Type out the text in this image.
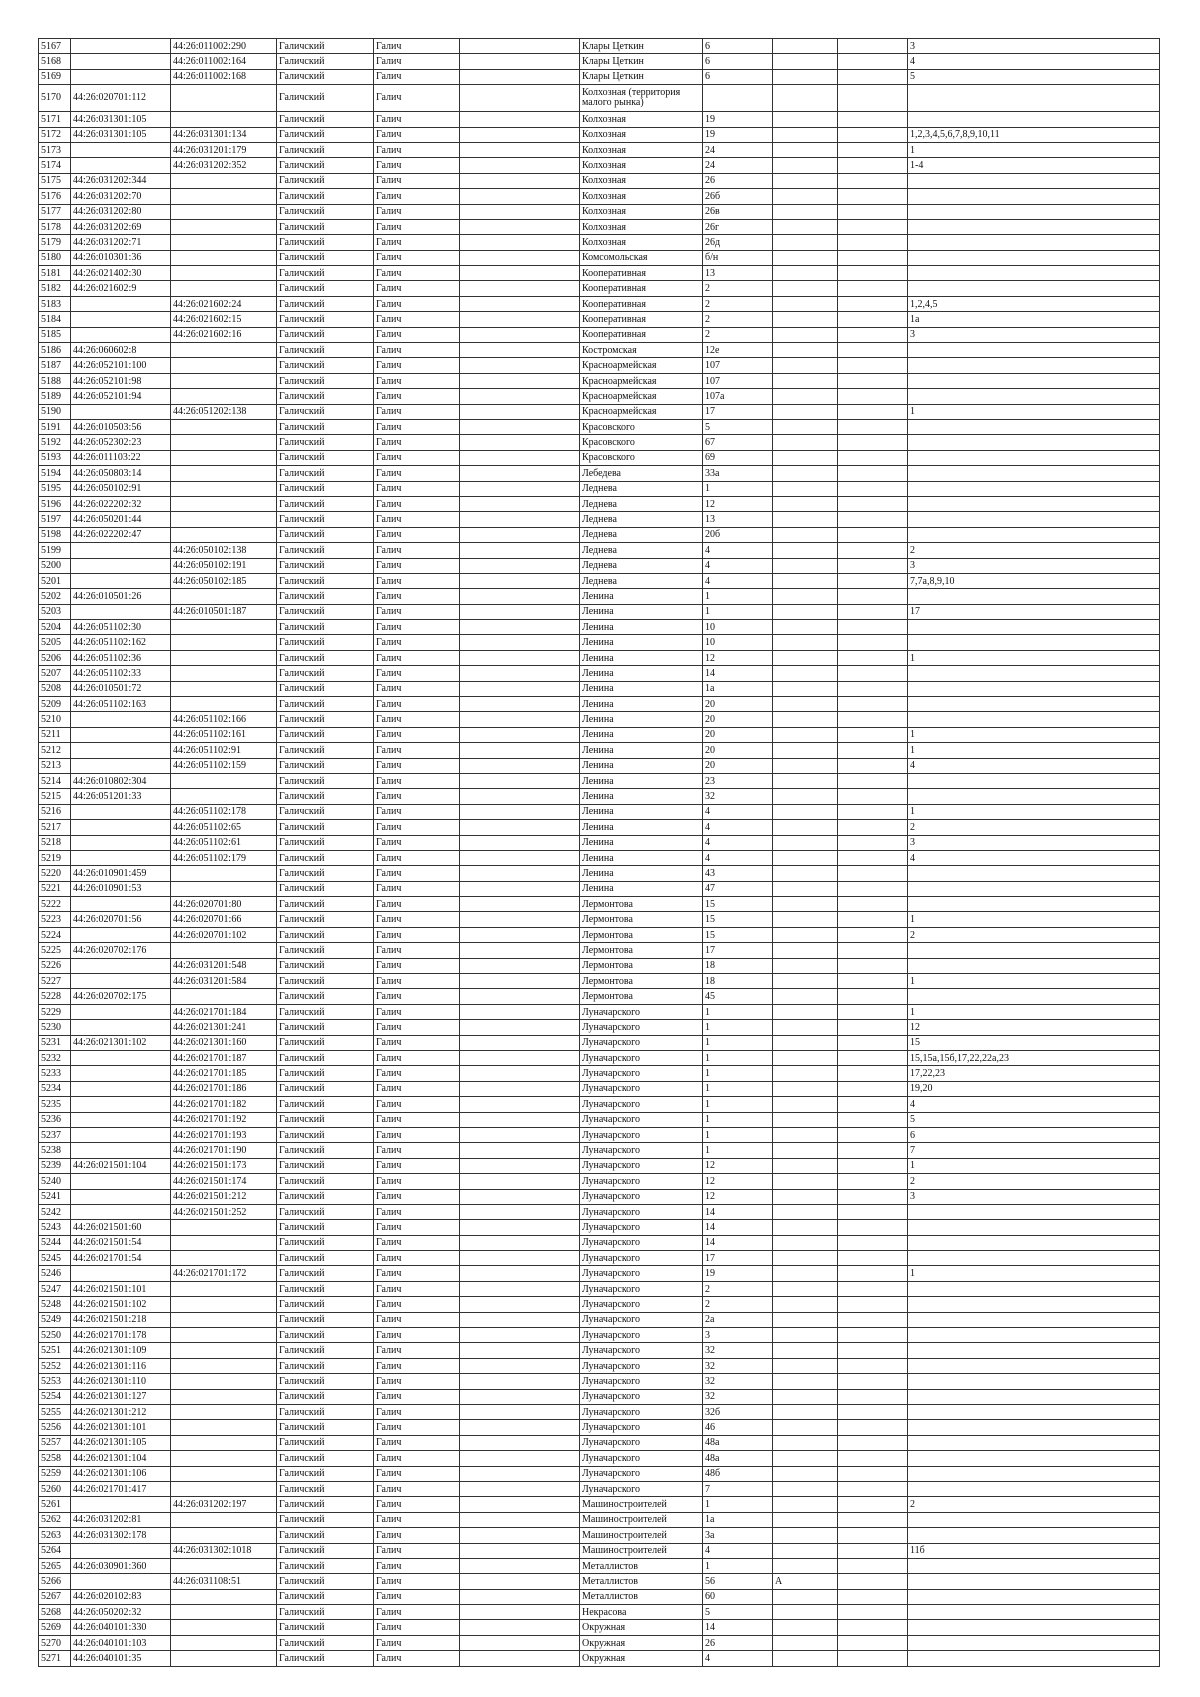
5167		44:26:011002:290	Галичский	Галич		Клары Цеткин	6			3
5168		44:26:011002:164	Галичский	Галич		Клары Цеткин	6			4
5169		44:26:011002:168	Галичский	Галич		Клары Цеткин	6			5
5170	44:26:020701:112		Галичский	Галич		Колхозная (территория малого рынка)				
5171	44:26:031301:105		Галичский	Галич		Колхозная	19			
5172	44:26:031301:105	44:26:031301:134	Галичский	Галич		Колхозная	19			1,2,3,4,5,6,7,8,9,10,11
5173		44:26:031201:179	Галичский	Галич		Колхозная	24			1
5174		44:26:031202:352	Галичский	Галич		Колхозная	24			1-4
5175	44:26:031202:344		Галичский	Галич		Колхозная	26			
5176	44:26:031202:70		Галичский	Галич		Колхозная	26б			
5177	44:26:031202:80		Галичский	Галич		Колхозная	26в			
5178	44:26:031202:69		Галичский	Галич		Колхозная	26г			
5179	44:26:031202:71		Галичский	Галич		Колхозная	26д			
5180	44:26:010301:36		Галичский	Галич		Комсомольская	б/н			
5181	44:26:021402:30		Галичский	Галич		Кооперативная	13			
5182	44:26:021602:9		Галичский	Галич		Кооперативная	2			
5183		44:26:021602:24	Галичский	Галич		Кооперативная	2			1,2,4,5
5184		44:26:021602:15	Галичский	Галич		Кооперативная	2			1а
5185		44:26:021602:16	Галичский	Галич		Кооперативная	2			3
5186	44:26:060602:8		Галичский	Галич		Костромская	12е			
5187	44:26:052101:100		Галичский	Галич		Красноармейская	107			
5188	44:26:052101:98		Галичский	Галич		Красноармейская	107			
5189	44:26:052101:94		Галичский	Галич		Красноармейская	107а			
5190		44:26:051202:138	Галичский	Галич		Красноармейская	17			1
5191	44:26:010503:56		Галичский	Галич		Красовского	5			
5192	44:26:052302:23		Галичский	Галич		Красовского	67			
5193	44:26:011103:22		Галичский	Галич		Красовского	69			
5194	44:26:050803:14		Галичский	Галич		Лебедева	33а			
5195	44:26:050102:91		Галичский	Галич		Леднева	1			
5196	44:26:022202:32		Галичский	Галич		Леднева	12			
5197	44:26:050201:44		Галичский	Галич		Леднева	13			
5198	44:26:022202:47		Галичский	Галич		Леднева	20б			
5199		44:26:050102:138	Галичский	Галич		Леднева	4			2
5200		44:26:050102:191	Галичский	Галич		Леднева	4			3
5201		44:26:050102:185	Галичский	Галич		Леднева	4			7,7а,8,9,10
5202	44:26:010501:26		Галичский	Галич		Ленина	1			
5203		44:26:010501:187	Галичский	Галич		Ленина	1			17
5204	44:26:051102:30		Галичский	Галич		Ленина	10			
5205	44:26:051102:162		Галичский	Галич		Ленина	10			
5206	44:26:051102:36		Галичский	Галич		Ленина	12			1
5207	44:26:051102:33		Галичский	Галич		Ленина	14			
5208	44:26:010501:72		Галичский	Галич		Ленина	1а			
5209	44:26:051102:163		Галичский	Галич		Ленина	20			
5210		44:26:051102:166	Галичский	Галич		Ленина	20			
5211		44:26:051102:161	Галичский	Галич		Ленина	20			1
5212		44:26:051102:91	Галичский	Галич		Ленина	20			1
5213		44:26:051102:159	Галичский	Галич		Ленина	20			4
5214	44:26:010802:304		Галичский	Галич		Ленина	23			
5215	44:26:051201:33		Галичский	Галич		Ленина	32			
5216		44:26:051102:178	Галичский	Галич		Ленина	4			1
5217		44:26:051102:65	Галичский	Галич		Ленина	4			2
5218		44:26:051102:61	Галичский	Галич		Ленина	4			3
5219		44:26:051102:179	Галичский	Галич		Ленина	4			4
5220	44:26:010901:459		Галичский	Галич		Ленина	43			
5221	44:26:010901:53		Галичский	Галич		Ленина	47			
5222		44:26:020701:80	Галичский	Галич		Лермонтова	15			
5223	44:26:020701:56	44:26:020701:66	Галичский	Галич		Лермонтова	15			1
5224		44:26:020701:102	Галичский	Галич		Лермонтова	15			2
5225	44:26:020702:176		Галичский	Галич		Лермонтова	17			
5226		44:26:031201:548	Галичский	Галич		Лермонтова	18			
5227		44:26:031201:584	Галичский	Галич		Лермонтова	18			1
5228	44:26:020702:175		Галичский	Галич		Лермонтова	45			
5229		44:26:021701:184	Галичский	Галич		Луначарского	1			1
5230		44:26:021301:241	Галичский	Галич		Луначарского	1			12
5231	44:26:021301:102	44:26:021301:160	Галичский	Галич		Луначарского	1			15
5232		44:26:021701:187	Галичский	Галич		Луначарского	1			15,15а,15б,17,22,22а,23
5233		44:26:021701:185	Галичский	Галич		Луначарского	1			17,22,23
5234		44:26:021701:186	Галичский	Галич		Луначарского	1			19,20
5235		44:26:021701:182	Галичский	Галич		Луначарского	1			4
5236		44:26:021701:192	Галичский	Галич		Луначарского	1			5
5237		44:26:021701:193	Галичский	Галич		Луначарского	1			6
5238		44:26:021701:190	Галичский	Галич		Луначарского	1			7
5239	44:26:021501:104	44:26:021501:173	Галичский	Галич		Луначарского	12			1
5240		44:26:021501:174	Галичский	Галич		Луначарского	12			2
5241		44:26:021501:212	Галичский	Галич		Луначарского	12			3
5242		44:26:021501:252	Галичский	Галич		Луначарского	14			
5243	44:26:021501:60		Галичский	Галич		Луначарского	14			
5244	44:26:021501:54		Галичский	Галич		Луначарского	14			
5245	44:26:021701:54		Галичский	Галич		Луначарского	17			
5246		44:26:021701:172	Галичский	Галич		Луначарского	19			1
5247	44:26:021501:101		Галичский	Галич		Луначарского	2			
5248	44:26:021501:102		Галичский	Галич		Луначарского	2			
5249	44:26:021501:218		Галичский	Галич		Луначарского	2а			
5250	44:26:021701:178		Галичский	Галич		Луначарского	3			
5251	44:26:021301:109		Галичский	Галич		Луначарского	32			
5252	44:26:021301:116		Галичский	Галич		Луначарского	32			
5253	44:26:021301:110		Галичский	Галич		Луначарского	32			
5254	44:26:021301:127		Галичский	Галич		Луначарского	32			
5255	44:26:021301:212		Галичский	Галич		Луначарского	32б			
5256	44:26:021301:101		Галичский	Галич		Луначарского	46			
5257	44:26:021301:105		Галичский	Галич		Луначарского	48а			
5258	44:26:021301:104		Галичский	Галич		Луначарского	48а			
5259	44:26:021301:106		Галичский	Галич		Луначарского	48б			
5260	44:26:021701:417		Галичский	Галич		Луначарского	7			
5261		44:26:031202:197	Галичский	Галич		Машиностроителей	1			2
5262	44:26:031202:81		Галичский	Галич		Машиностроителей	1а			
5263	44:26:031302:178		Галичский	Галич		Машиностроителей	3а			
5264		44:26:031302:1018	Галичский	Галич		Машиностроителей	4			11б
5265	44:26:030901:360		Галичский	Галич		Металлистов	1			
5266		44:26:031108:51	Галичский	Галич		Металлистов	56	А		
5267	44:26:020102:83		Галичский	Галич		Металлистов	60			
5268	44:26:050202:32		Галичский	Галич		Некрасова	5			
5269	44:26:040101:330		Галичский	Галич		Окружная	14			
5270	44:26:040101:103		Галичский	Галич		Окружная	26			
5271	44:26:040101:35		Галичский	Галич		Окружная	4			
